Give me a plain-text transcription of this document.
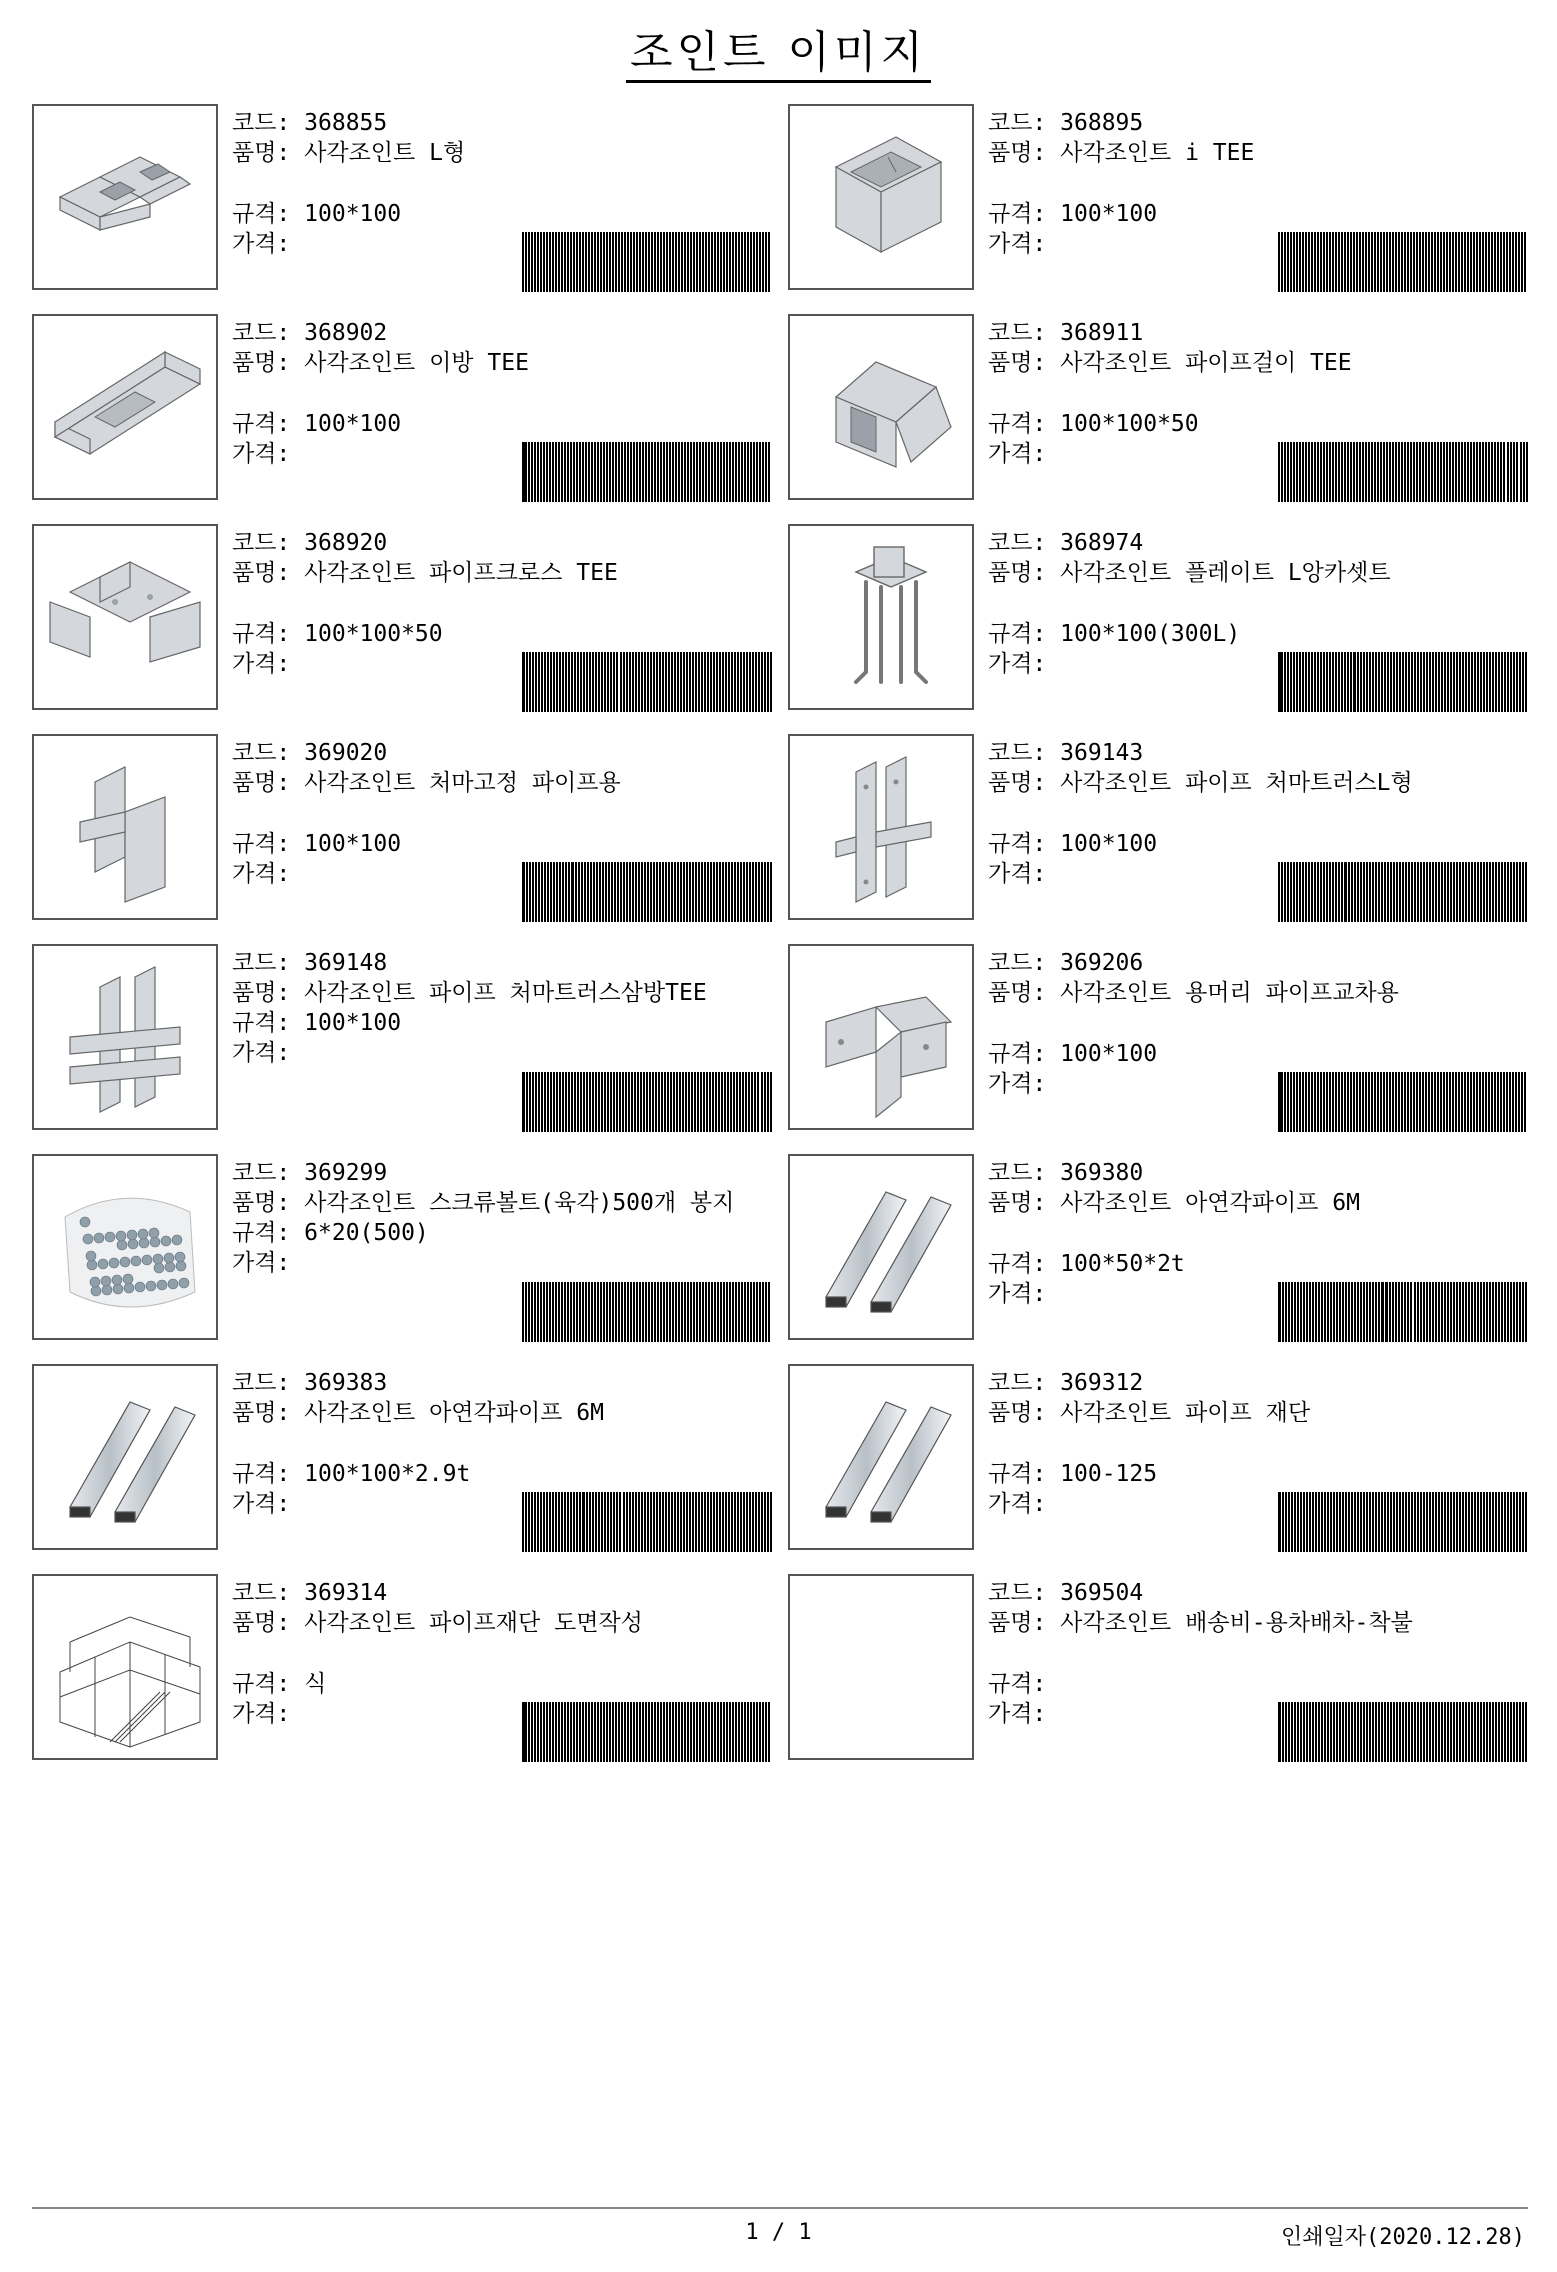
조인트 이미지
코드: 368855
품명: 사각조인트 L형
규격: 100*100
가격:
코드: 368895
품명: 사각조인트 i TEE
규격: 100*100
가격:
코드: 368902
품명: 사각조인트 이방 TEE
규격: 100*100
가격:
코드: 368911
품명: 사각조인트 파이프걸이 TEE
규격: 100*100*50
가격:
코드: 368920
품명: 사각조인트 파이프크로스 TEE
규격: 100*100*50
가격:
코드: 368974
품명: 사각조인트 플레이트 L앙카셋트
규격: 100*100(300L)
가격:
코드: 369020
품명: 사각조인트 처마고정 파이프용
규격: 100*100
가격:
코드: 369143
품명: 사각조인트 파이프 처마트러스L형
규격: 100*100
가격:
코드: 369148
품명:
사각조인트 파이프 처마트러스삼방TEE
규격: 100*100
가격:
코드: 369206
품명: 사각조인트 용머리 파이프교차용
규격: 100*100
가격:
코드: 369299
품명:
사각조인트 스크류볼트(육각)500개 봉지
규격: 6*20(500)
가격:
코드: 369380
품명: 사각조인트 아연각파이프 6M
규격: 100*50*2t
가격:
코드: 369383
품명: 사각조인트 아연각파이프 6M
규격: 100*100*2.9t
가격:
코드: 369312
품명: 사각조인트 파이프 재단
규격: 100-125
가격:
코드: 369314
품명: 사각조인트 파이프재단 도면작성
규격: 식
가격:
코드: 369504
품명: 사각조인트 배송비-용차배차-착불
규격:
가격:
1 / 1	인쇄일자(2020.12.28)
